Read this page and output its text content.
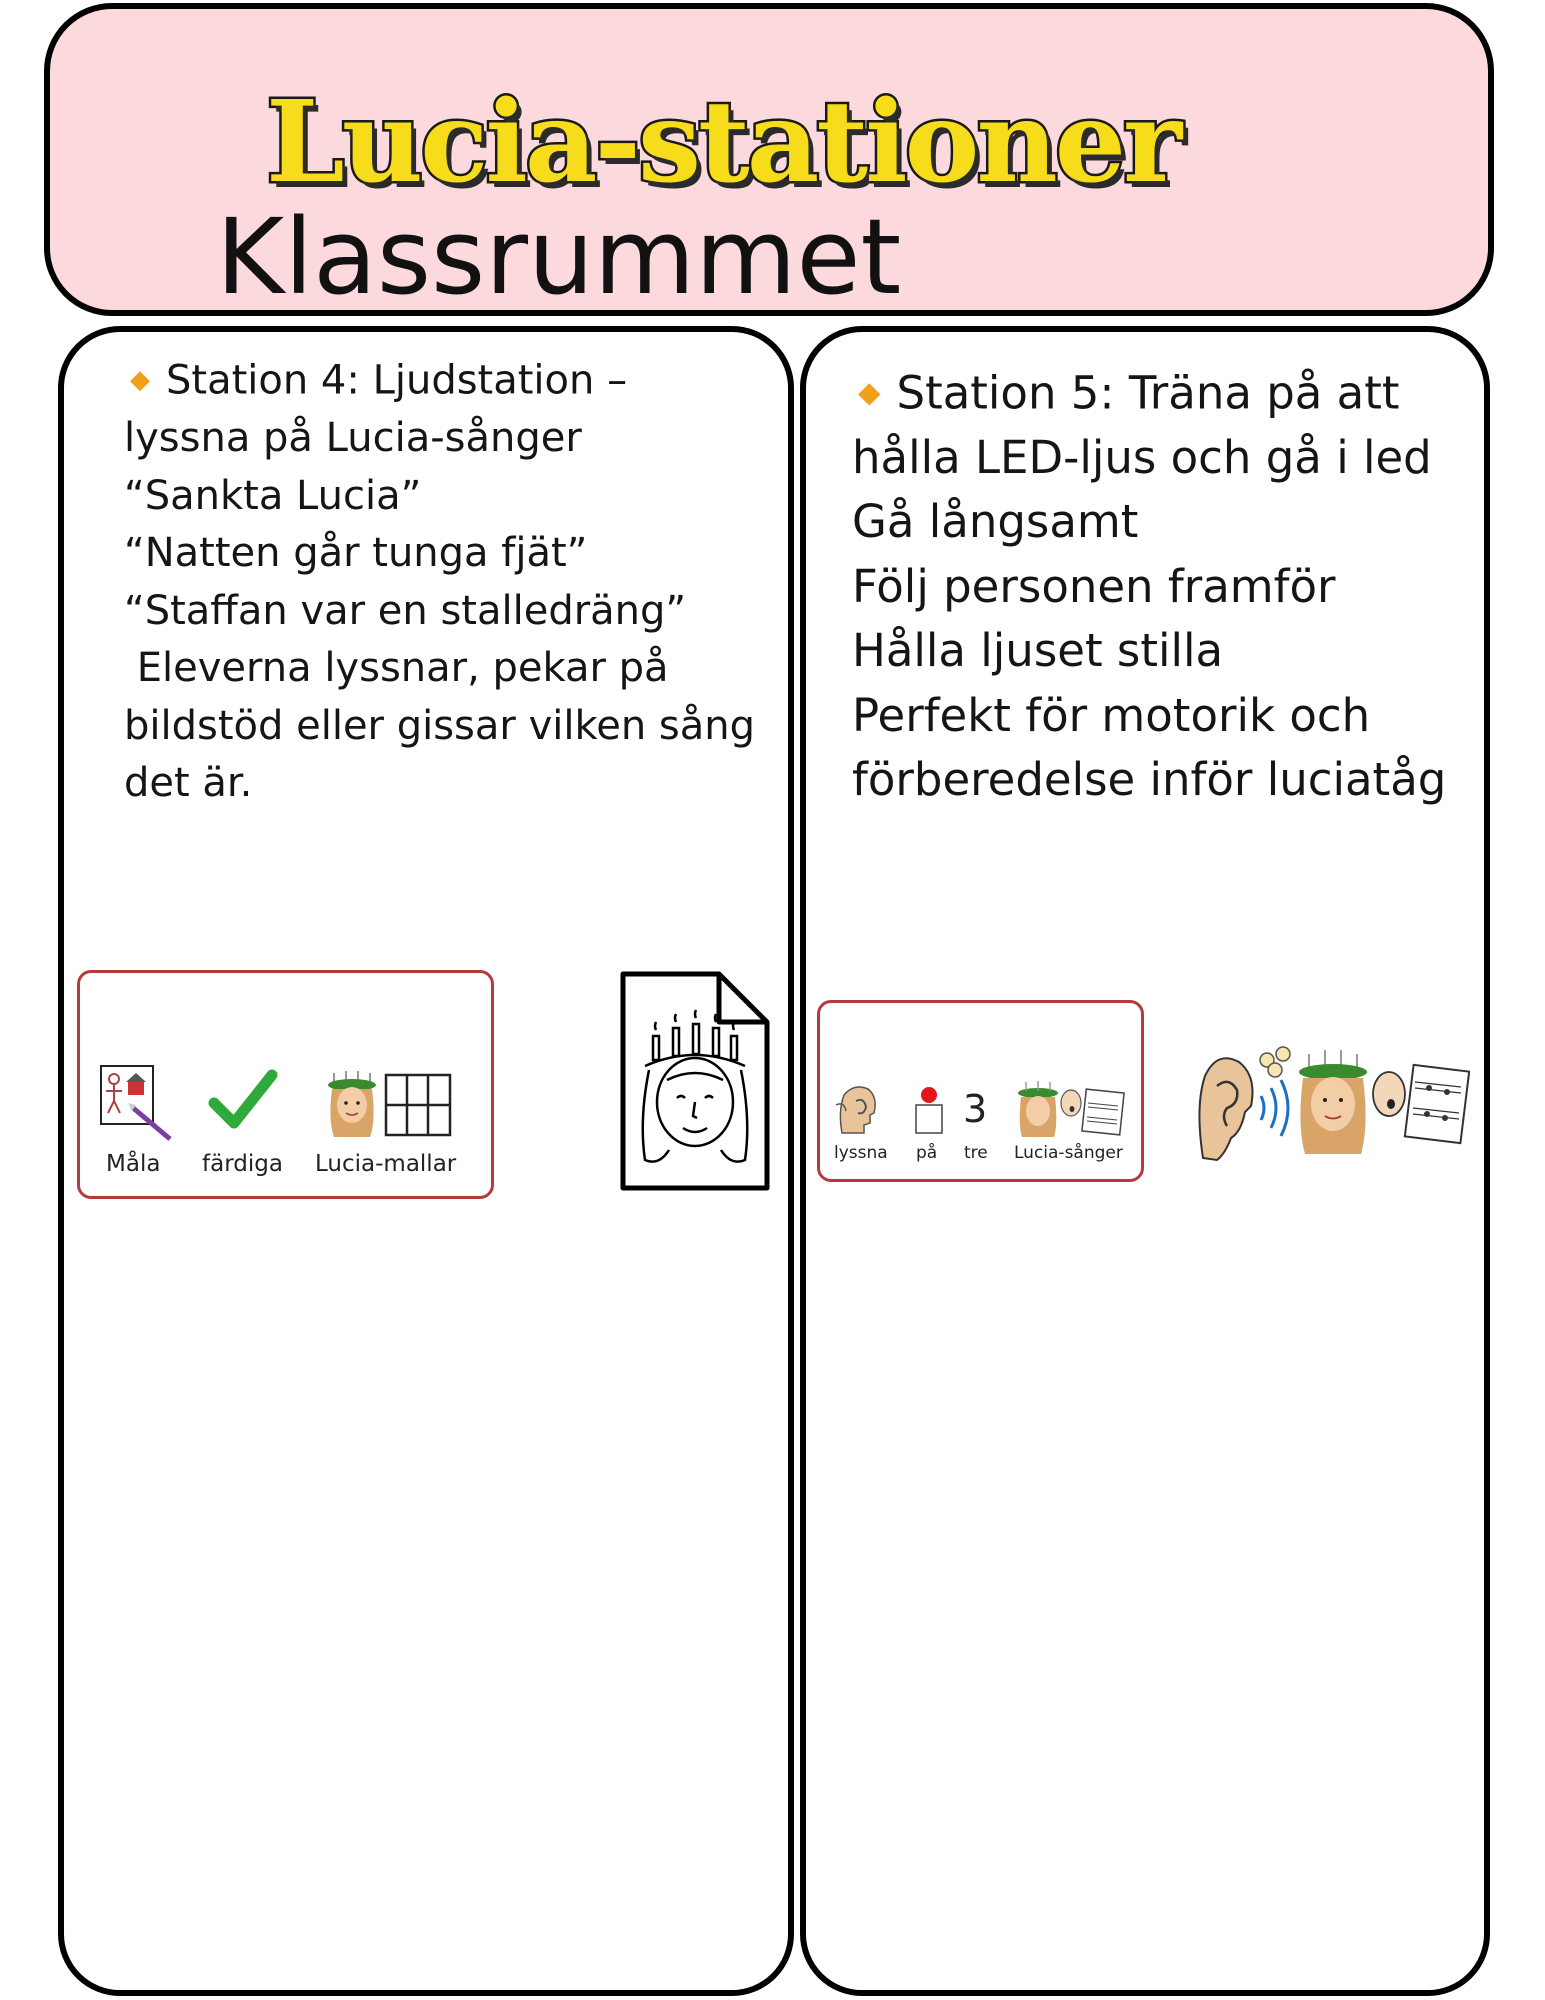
Lucia-stationer
Klassrummet

◆ Station 4: Ljudstation –
lyssna på Lucia-sånger
“Sankta Lucia”
“Natten går tunga fjät”
“Staffan var en stalledräng”
Eleverna lyssnar, pekar på
bildstöd eller gissar vilken sång
det är.

Måla färdiga Lucia-mallar

◆ Station 5: Träna på att
hålla LED-ljus och gå i led
Gå långsamt
Följ personen framför
Hålla ljuset stilla
Perfekt för motorik och
förberedelse inför luciatåg

lyssna på
3
tre Lucia-sånger
